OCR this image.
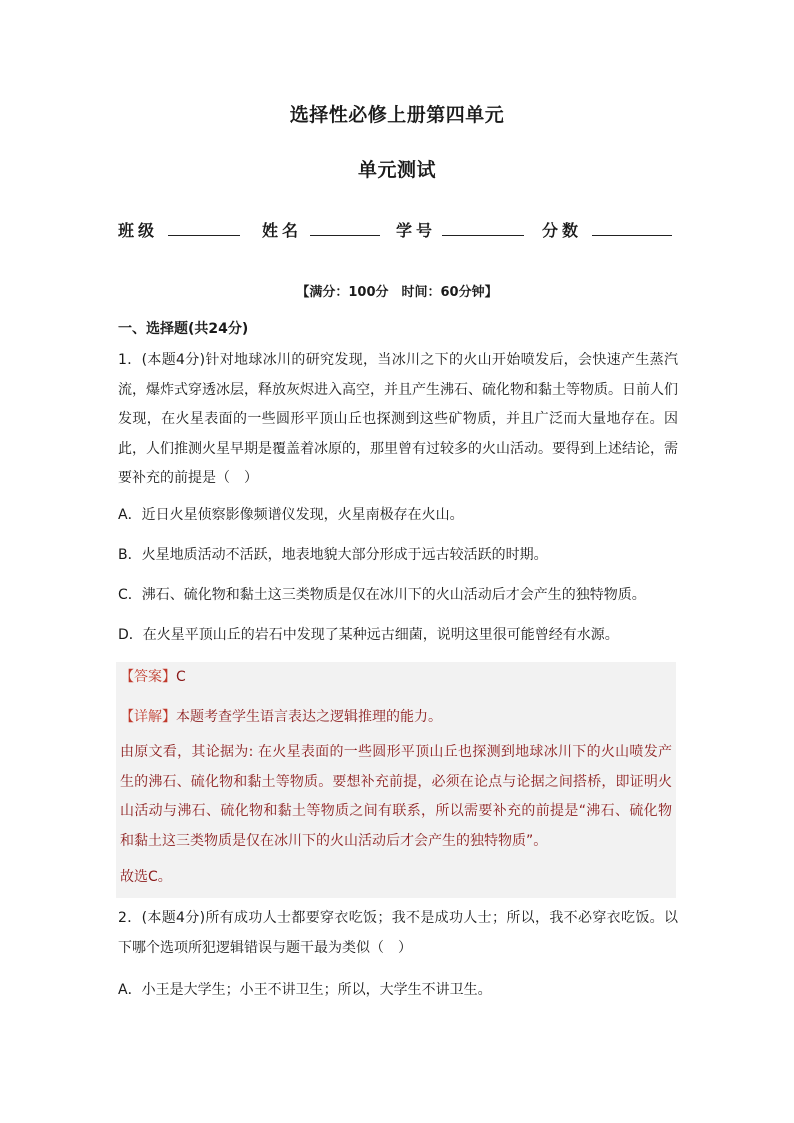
选择性必修上册第四单元
单元测试
班级	姓名	学号	分数
【满分：100分　时间：60分钟】
一、选择题(共24分)
1．(本题4分)针对地球冰川的研究发现，当冰川之下的火山开始喷发后，会快速产生蒸汽流，爆炸式穿透冰层，释放灰烬进入高空，并且产生沸石、硫化物和黏土等物质。日前人们发现，在火星表面的一些圆形平顶山丘也探测到这些矿物质，并且广泛而大量地存在。因此，人们推测火星早期是覆盖着冰原的，那里曾有过较多的火山活动。要得到上述结论，需要补充的前提是（　）
A．近日火星侦察影像频谱仪发现，火星南极存在火山。
B．火星地质活动不活跃，地表地貌大部分形成于远古较活跃的时期。
C．沸石、硫化物和黏土这三类物质是仅在冰川下的火山活动后才会产生的独特物质。
D．在火星平顶山丘的岩石中发现了某种远古细菌，说明这里很可能曾经有水源。
【答案】C
【详解】本题考查学生语言表达之逻辑推理的能力。
由原文看，其论据为: 在火星表面的一些圆形平顶山丘也探测到地球冰川下的火山喷发产生的沸石、硫化物和黏土等物质。要想补充前提，必须在论点与论据之间搭桥，即证明火山活动与沸石、硫化物和黏土等物质之间有联系，所以需要补充的前提是“沸石、硫化物和黏土这三类物质是仅在冰川下的火山活动后才会产生的独特物质”。
故选C。
2．(本题4分)所有成功人士都要穿衣吃饭；我不是成功人士；所以，我不必穿衣吃饭。以下哪个选项所犯逻辑错误与题干最为类似（　）
A．小王是大学生；小王不讲卫生；所以，大学生不讲卫生。
